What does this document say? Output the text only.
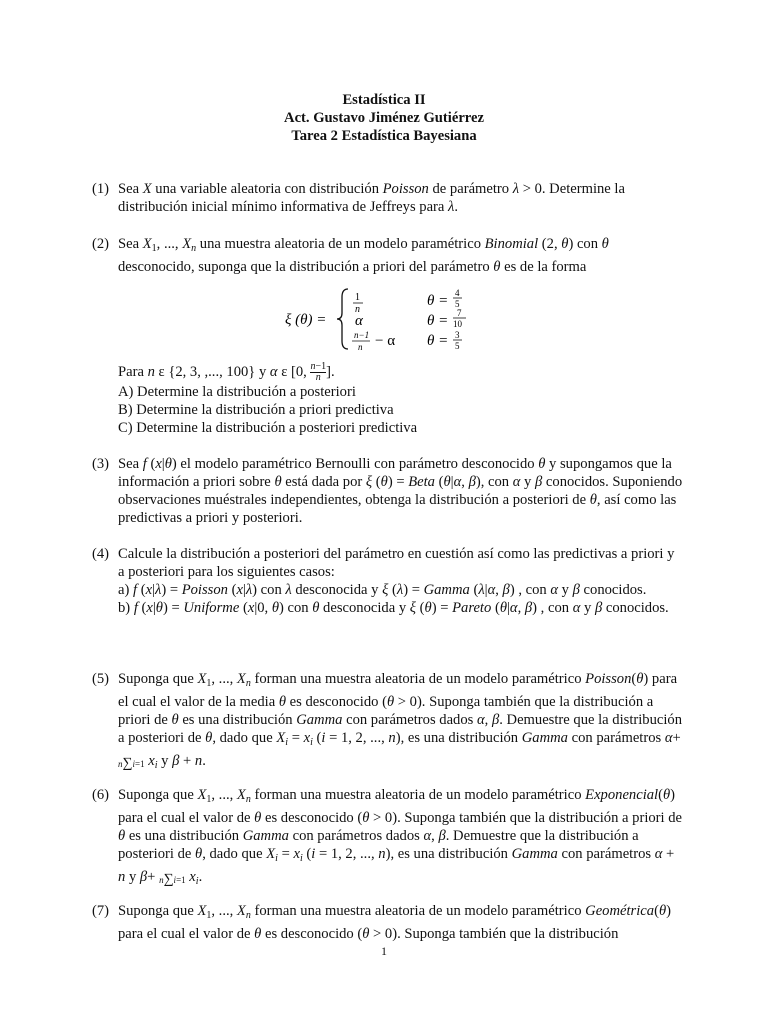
Estadística II
Act. Gustavo Jiménez Gutiérrez
Tarea 2 Estadística Bayesiana
(1) Sea X una variable aleatoria con distribución Poisson de parámetro λ > 0. Determine la distribución inicial mínimo informativa de Jeffreys para λ.
(2) Sea $X_1$, ..., $X_n$ una muestra aleatoria de un modelo paramétrico Binomial (2, θ) con θ desconocido, suponga que la distribución a priori del parámetro θ es de la forma
ξ (θ) =
1
n
α
n−1
n − α
θ = 4
5
θ = 7
10
θ = 3
5
Para n ε {2, 3, ,..., 100} y α ε [0, $\frac{n-1}{n}$ ].
A) Determine la distribución a posteriori
B) Determine la distribución a priori predictiva
C) Determine la distribución a posteriori predictiva
(3) Sea f (x|θ) el modelo paramétrico Bernoulli con parámetro desconocido θ y supongamos que la información a priori sobre θ está dada por ξ (θ) = Beta (θ|α, β), con α y β conocidos. Suponiendo observaciones muéstrales independientes, obtenga la distribución a posteriori de θ, así como las predictivas a priori y posteriori.
(4) Calcule la distribución a posteriori del parámetro en cuestión así como las predictivas a priori y a posteriori para los siguientes casos:
a) f (x|λ) = Poisson (x|λ) con λ desconocida y ξ (λ) = Gamma (λ|α, β) , con α y β conocidos.
b) f (x|θ) = Uniforme (x|0, θ) con θ desconocida y ξ (θ) = Pareto (θ|α, β) , con α y β conocidos.
(5) Suponga que $X_1$, ..., $X_n$ forman una muestra aleatoria de un modelo paramétrico Poisson(θ) para el cual el valor de la media θ es desconocido (θ > 0). Suponga también que la distribución a priori de θ es una distribución Gamma con parámetros dados α, β. Demuestre que la distribución a posteriori de θ, dado que $X_i = x_i$ (i = 1, 2, ..., n), es una distribución Gamma con parámetros α+ n∑i=1 $x_i$ y β + n.
(6) Suponga que $X_1$, ..., $X_n$ forman una muestra aleatoria de un modelo paramétrico Exponencial(θ) para el cual el valor de θ es desconocido (θ > 0). Suponga también que la distribución a priori de θ es una distribución Gamma con parámetros dados α, β. Demuestre que la distribución a posteriori de θ, dado que $X_i = x_i$ (i = 1, 2, ..., n), es una distribución Gamma con parámetros α + n y β+ n∑i=1 $x_i$.
(7) Suponga que $X_1$, ..., $X_n$ forman una muestra aleatoria de un modelo paramétrico Geométrica(θ) para el cual el valor de θ es desconocido (θ > 0). Suponga también que la distribución
1
